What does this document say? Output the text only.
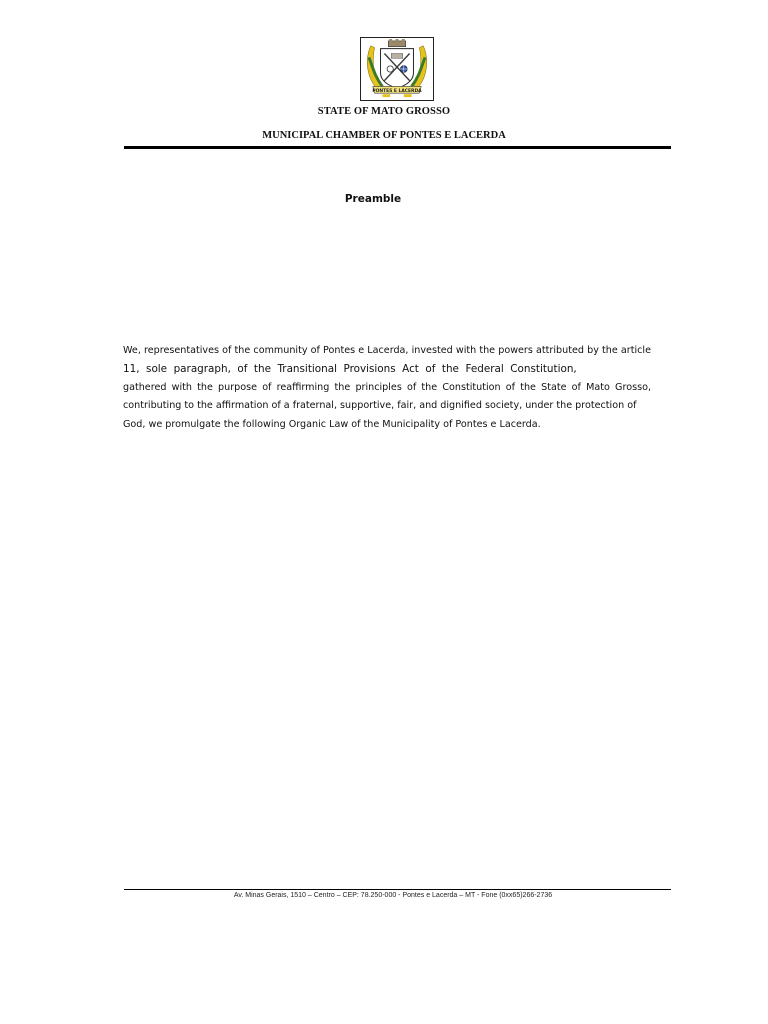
PONTES E LACERDA
STATE OF MATO GROSSO
MUNICIPAL CHAMBER OF PONTES E LACERDA
Preamble
We, representatives of the community of Pontes e Lacerda, invested with the powers attributed by the article
11, sole paragraph, of the Transitional Provisions Act of the Federal Constitution,
gathered with the purpose of reaffirming the principles of the Constitution of the State of Mato Grosso,
contributing to the affirmation of a fraternal, supportive, fair, and dignified society, under the protection of
God, we promulgate the following Organic Law of the Municipality of Pontes e Lacerda.
Av. Minas Gerais, 1510 – Centro – CEP: 78.250-000 - Pontes e Lacerda – MT - Fone (0xx65)266-2736
